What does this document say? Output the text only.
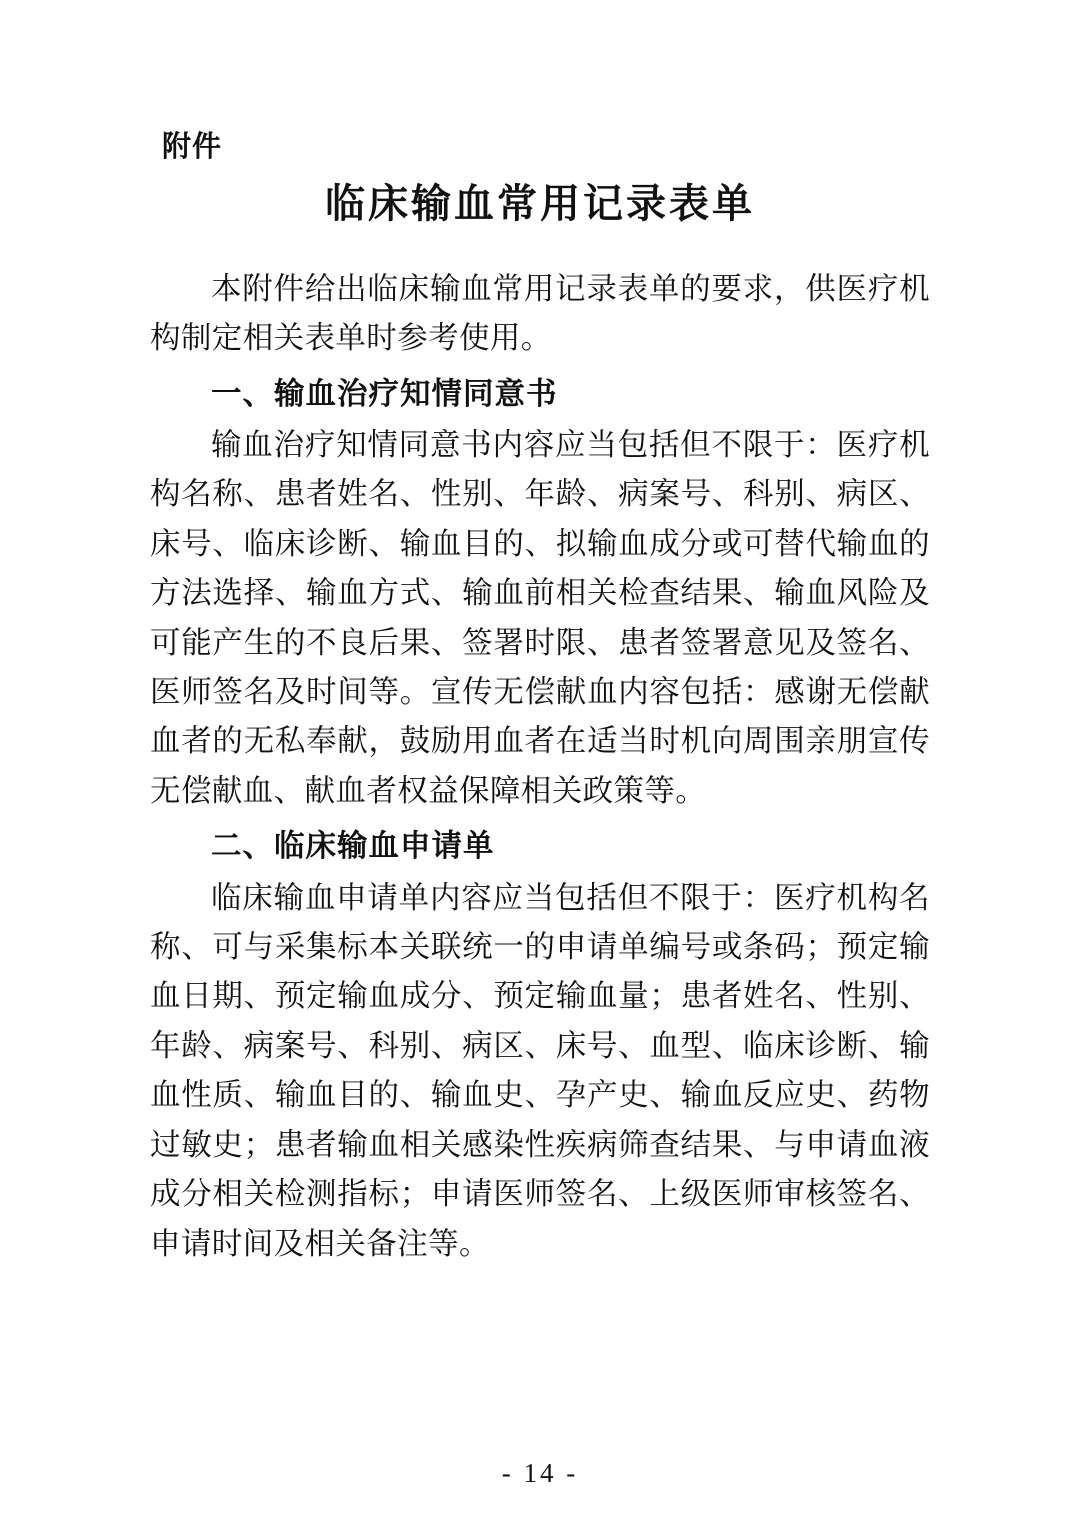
附件
临床输血常用记录表单

本附件给出临床输血常用记录表单的要求，供医疗机构制定相关表单时参考使用。

一、输血治疗知情同意书

输血治疗知情同意书内容应当包括但不限于：医疗机构名称、患者姓名、性别、年龄、病案号、科别、病区、床号、临床诊断、输血目的、拟输血成分或可替代输血的方法选择、输血方式、输血前相关检查结果、输血风险及可能产生的不良后果、签署时限、患者签署意见及签名、医师签名及时间等。宣传无偿献血内容包括：感谢无偿献血者的无私奉献，鼓励用血者在适当时机向周围亲朋宣传无偿献血、献血者权益保障相关政策等。

二、临床输血申请单

临床输血申请单内容应当包括但不限于：医疗机构名称、可与采集标本关联统一的申请单编号或条码；预定输血日期、预定输血成分、预定输血量；患者姓名、性别、年龄、病案号、科别、病区、床号、血型、临床诊断、输血性质、输血目的、输血史、孕产史、输血反应史、药物过敏史；患者输血相关感染性疾病筛查结果、与申请血液成分相关检测指标；申请医师签名、上级医师审核签名、申请时间及相关备注等。

- 14 -
